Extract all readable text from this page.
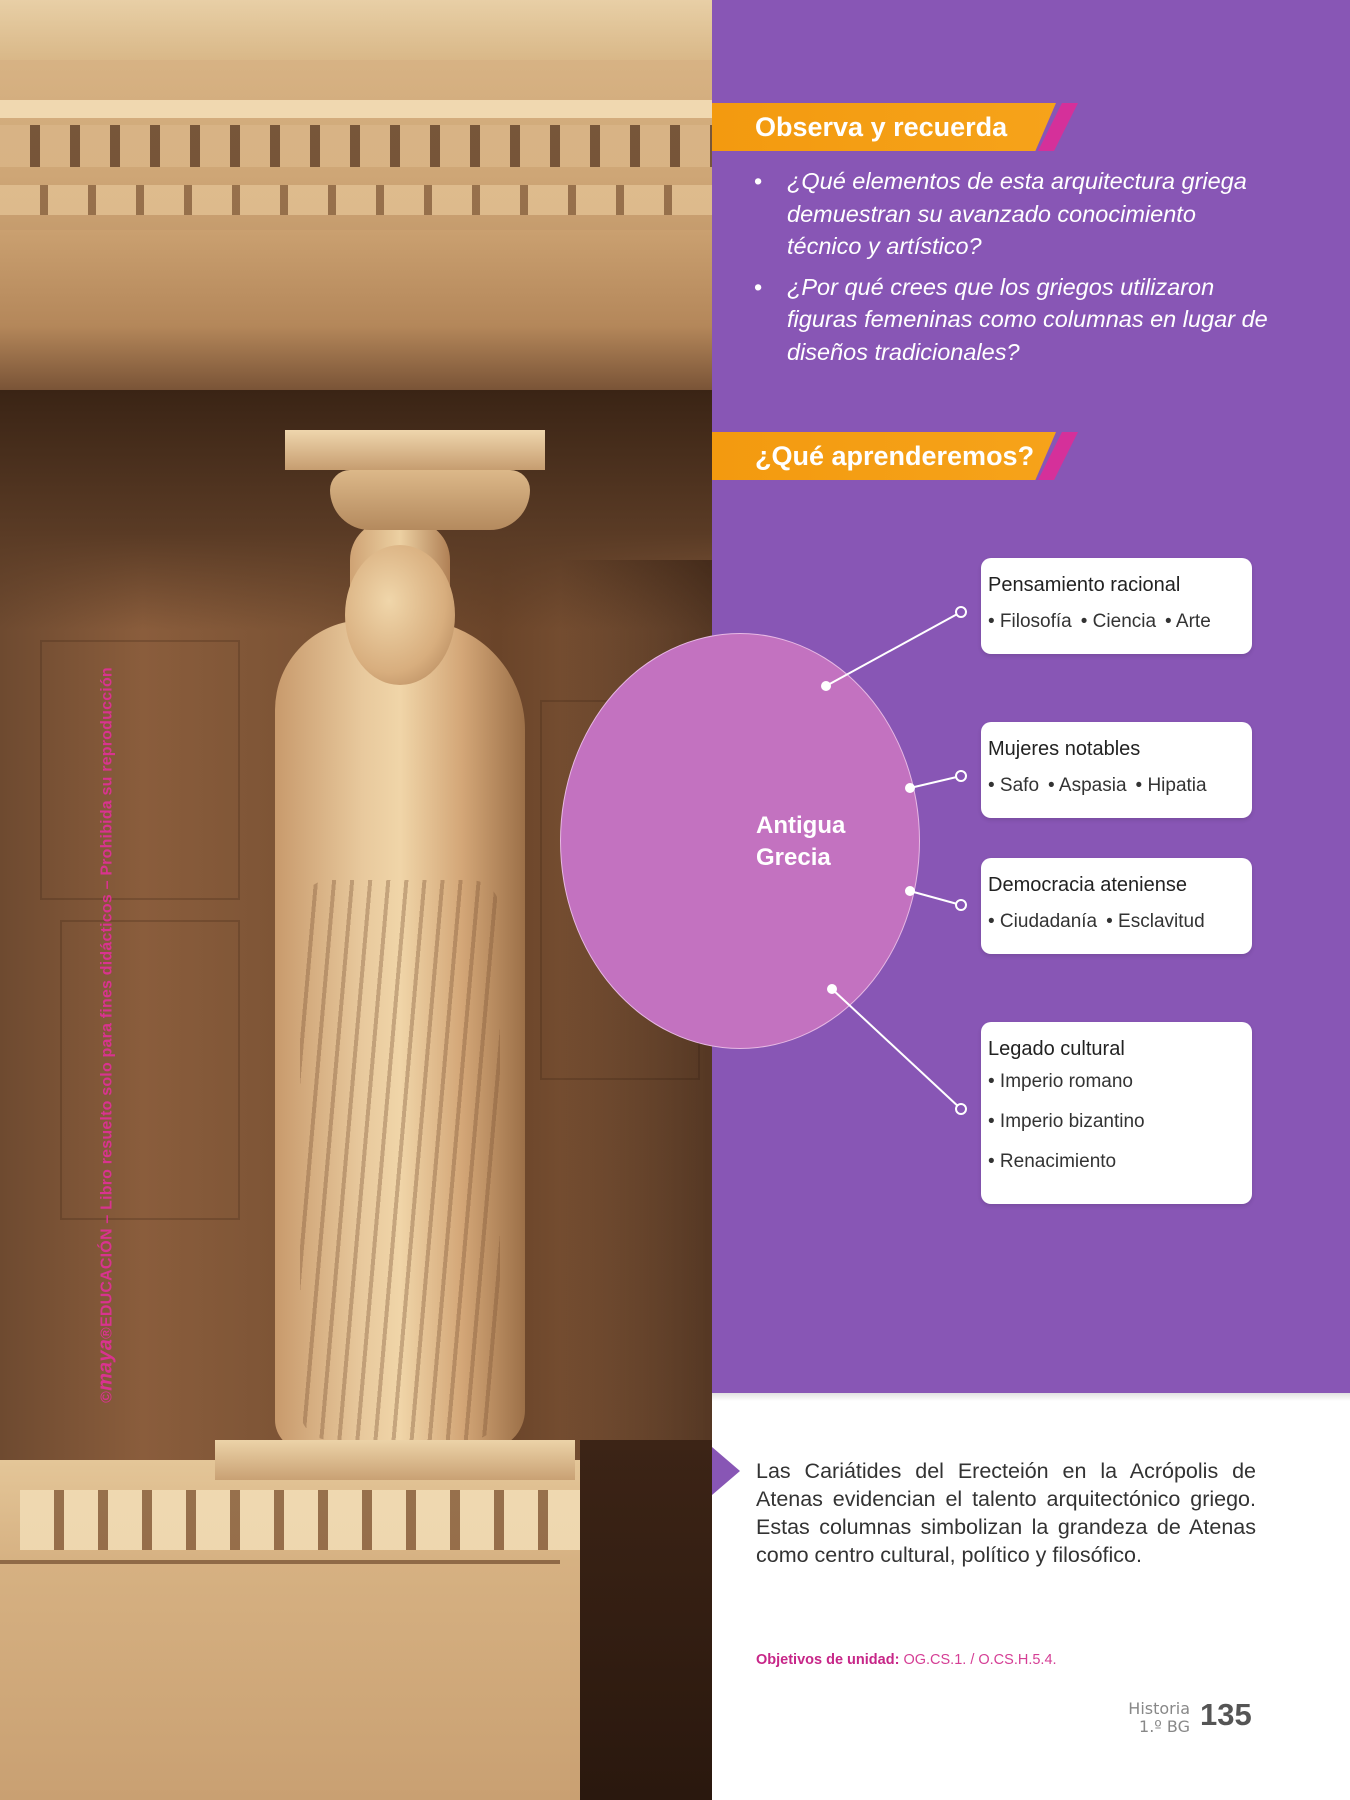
©maya®EDUCACIÓN – Libro resuelto solo para fines didácticos – Prohibida su reproducción
Observa y recuerda
• ¿Qué elementos de esta arquitectura griega demuestran su avanzado conocimiento técnico y artístico?
• ¿Por qué crees que los griegos utilizaron figuras femeninas como columnas en lugar de diseños tradicionales?
¿Qué aprenderemos?
Antigua
Grecia
Pensamiento racional
• Filosofía • Ciencia • Arte
Mujeres notables
• Safo • Aspasia • Hipatia
Democracia ateniense
• Ciudadanía • Esclavitud
Legado cultural
• Imperio romano
• Imperio bizantino
• Renacimiento

Las Cariátides del Erecteión en la Acrópolis de Atenas evidencian el talento arquitectónico griego. Estas columnas simbolizan la grandeza de Atenas como centro cultural, político y filosófico.

Objetivos de unidad: OG.CS.1. / O.CS.H.5.4.
Historia
1.º BG 135
